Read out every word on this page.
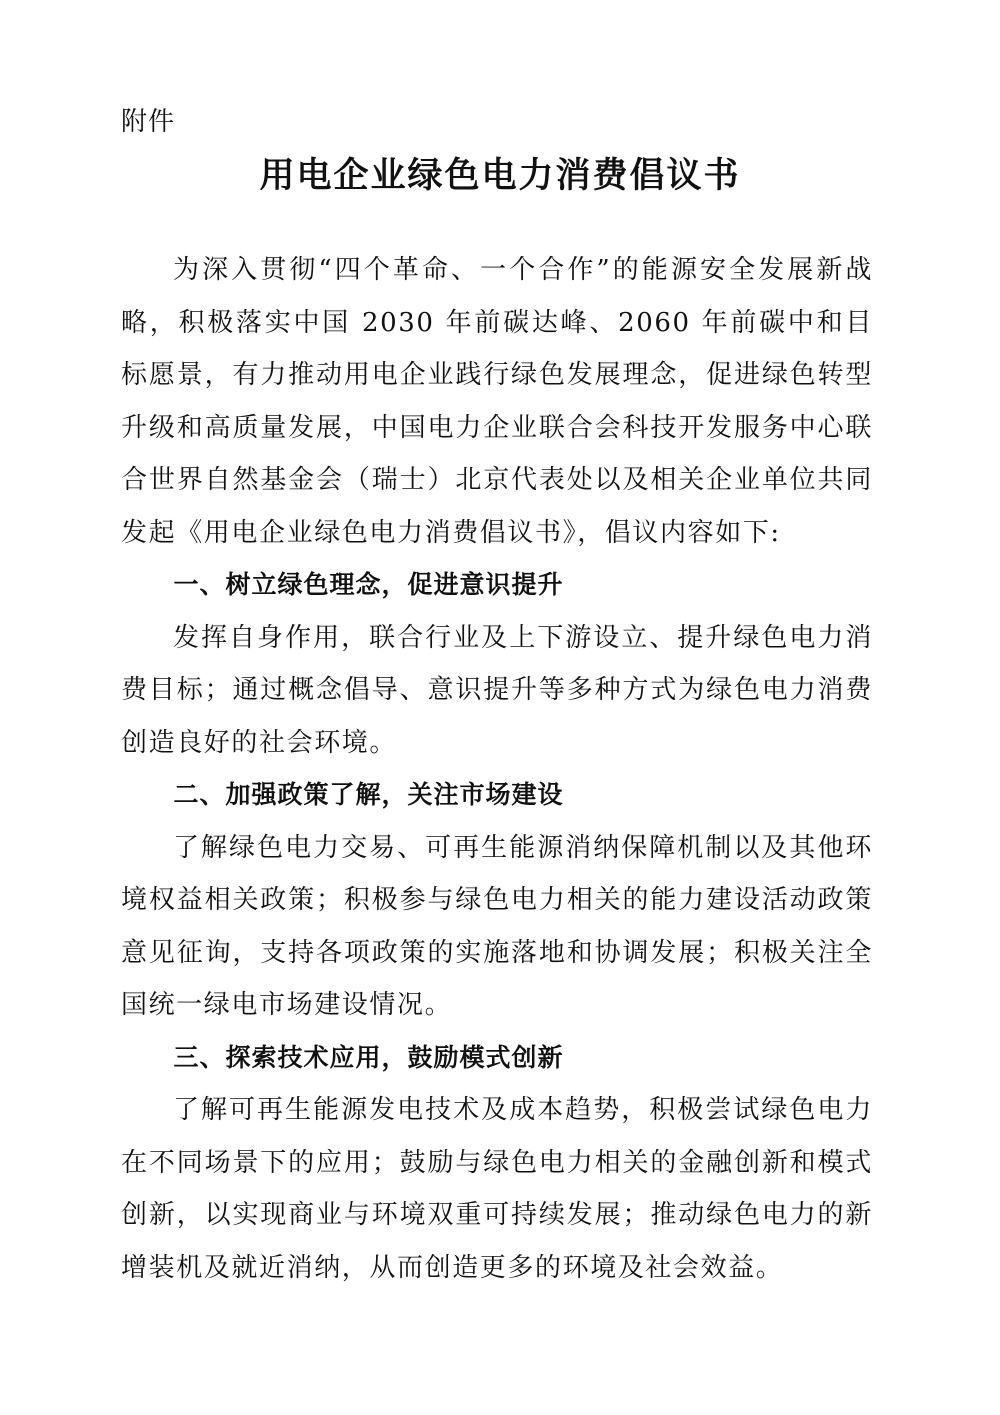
附件
用电企业绿色电力消费倡议书

为深入贯彻“四个革命、一个合作”的能源安全发展新战略，积极落实中国 2030 年前碳达峰、2060 年前碳中和目标愿景，有力推动用电企业践行绿色发展理念，促进绿色转型升级和高质量发展，中国电力企业联合会科技开发服务中心联合世界自然基金会（瑞士）北京代表处以及相关企业单位共同发起《用电企业绿色电力消费倡议书》，倡议内容如下:

一、树立绿色理念，促进意识提升

发挥自身作用，联合行业及上下游设立、提升绿色电力消费目标；通过概念倡导、意识提升等多种方式为绿色电力消费创造良好的社会环境。

二、加强政策了解，关注市场建设

了解绿色电力交易、可再生能源消纳保障机制以及其他环境权益相关政策；积极参与绿色电力相关的能力建设活动政策意见征询，支持各项政策的实施落地和协调发展；积极关注全国统一绿电市场建设情况。

三、探索技术应用，鼓励模式创新

了解可再生能源发电技术及成本趋势，积极尝试绿色电力在不同场景下的应用；鼓励与绿色电力相关的金融创新和模式创新，以实现商业与环境双重可持续发展；推动绿色电力的新增装机及就近消纳，从而创造更多的环境及社会效益。
